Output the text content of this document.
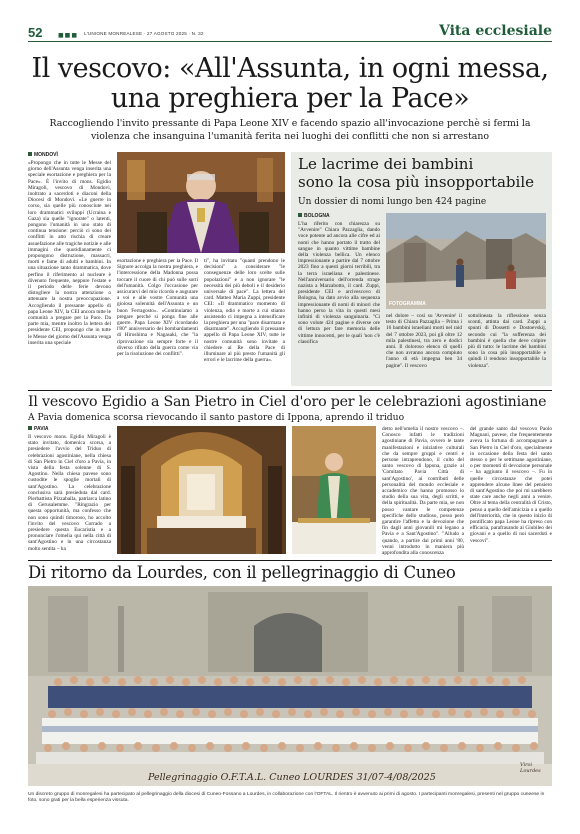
52	■■■ L'UNIONE MONREALESE · 27 AGOSTO 2025 · N. 32	Vita ecclesiale
Il vescovo: «All'Assunta, in ogni messa,
una preghiera per la Pace»
Raccogliendo l'invito pressante di Papa Leone XIV e facendo spazio all'invocazione perchè si fermi la violenza che insanguina l'umanità ferita nei luoghi dei conflitti che non si arrestano
MONDOVÌ
«Propongo che in tutte le Messe del giorno dell'Assunta venga inserita una speciale esortazione e preghiera per la Pace». È l'invito di mons. Egidio Miragoli, vescovo di Mondovì, inoltrato a sacerdoti e diaconi della Diocesi di Mondovì. «Le guerre in corso, sia quelle più conosciute nei loro drammatici sviluppi (Ucraina e Gaza) sia quelle "ignorate" o latenti, pongono l'umanità in uno stato di continua tensione: perciò ci sono dei conflitti in atto rischia di creare assuefazione alle tragiche notizie e alle immagini che quotidianamente ci propongono distruzione, massacri, morti e fame di adulti e bambini. In una situazione tanto drammatica, dove perfino il riferimento al nucleare è divenuto frequente, neppure l'estate e il periodo delle ferie devono distogliere la nostra attenzione o attenuare la nostra preoccupazione. Accogliendo il pressante appello di papa Leone XIV, la CEI ancora tutte le comunità a pregare per la Pace. Da parte mia, mentre inoltro la lettera del presidente CEI, propongo che in tutte le Messe del giorno dell'Assunta venga inserita una speciale
esortazione e preghiera per la Pace. Il Signore accolga la nostra preghiera, e l'intercessione della Madonna possa toccare il cuore di chi può sulle sorti dell'umanità. Colgo l'occasione per assicurarvi del mio ricordo e augurare a voi e alle vostre Comunità una gioiosa solennità dell'Assunta e un buon Ferragosto». «Continuiamo a pregare perché si ponga fine alle guerre. Papa Leone XIV ricordando l'80° anniversario dei bombardamenti di Hiroshima e Nagasaki, che "la riprovazione sia sempre forte e il diverso rifiuto della guerra come via per la risoluzione dei conflitti".
ti", ha invitato "quanti prendono le decisioni" a considerare "le conseguenze delle loro scelte sulle popolazioni" e a non ignorare "le necessità dei più deboli e il desiderio universale di pace". La lettera del card. Matteo Maria Zuppi, presidente CEI: «Il drammatico momento di violenza, odio e morte a cui stiamo assistendo ci impegna a intensificare la preghiera per una "pace disarmata e disarmante". Accogliendo il pressante appello di Papa Leone XIV, tutte le nostre comunità sono invitate a chiedere al Re della Pace di illuminare al più presto l'umanità gli errori e le lacrime della guerra».
Le lacrime dei bambini
sono la cosa più insopportabile
Un dossier di nomi lungo ben 424 pagine
BOLOGNA
L'ha riferito con chiarezza su "Avvenire" Chiara Pazzaglia, dando voce potente ad ancora alle cifre ed ai nomi che hanno portato il tratto del sangue in quanto vittime bambine della violenza bellica. Un elenco impressionante a partire dal 7 ottobre 2023 fino a questi giorni terribili, tra la terra israeliana e palestinese. Nell'anniversario dell'orrenda strage nazista a Marzabotto, il card. Zuppi, presidente CEI e arcivescovo di Bologna, ha dato avvio alla sequenza impressionante di nomi di minori che hanno perso la vita in questi mesi infiniti di violenza sanguinaria. "Ci sono volute 424 pagine e diverse ore di lettura per fare memoria delle vittime innocenti, per le quali 'non c'è classifica
FOTOGRAMMA
nel dolore – così su 'Avvenire' il testo di Chiara Pazzaglia – Prima i 16 bambini israeliani morti nel raid del 7 ottobre 2023, poi gli oltre 12 mila palestinesi, tra zero e dodici anni. Il doloroso elenco di quelli che non avranno ancora compiuto l'anno di età impegna ben 34 pagine". Il vescovo
sottolineata la riflessione senza sconti, attinta dai card. Zuppi a spunti di Dossetti e Dostoevskij, secondo cui "la sofferenza dei bambini è quella che deve colpire più di tutto: le lacrime dei bambini sono la cosa più insopportabile e quindi il rendono insopportabile la violenza".
Il vescovo Egidio a San Pietro in Ciel d'oro per le celebrazioni agostiniane
A Pavia domenica scorsa rievocando il santo pastore di Ippona, aprendo il triduo
PAVIA
Il vescovo mons. Egidio Miragoli è stato invitato, domenica scorsa, a presiedere l'avvio del Triduo di celebrazioni agostiniane, nella chiesa di San Pietro in Ciel d'oro a Pavia, in vista della festa solenne di S. Agostino. Nella chiesa pavese sono custodite le spoglie mortali di sant'Agostino. La celebrazione conclusiva sarà presieduta dal card. Pierbattista Pizzaballa, patriarca latino di Gerusalemme. "Ringrazio per questa opportunità, ma confesso che non sono quindi timoroso, ho accolto l'invito del vescovo Corrado a presiedere questa Eucaristia e a pronunciare l'omelia qui nella città di sant'Agostino e in una circostanza molto sentita – ha
detto nell'omelia il nostro vescovo –. Conosco infatti le tradizioni agostiniane di Pavia, ovvero le tante manifestazioni e iniziative culturali che da sempre gruppi e centri e persone intraprendono, il culto del santo vescovo di Ippona, grazie al 'Comitato Pavia Città di sant'Agostino', ai contributi delle personalità del mondo ecclesiale e accademico che hanno promosso lo studio della sua vita, degli scritti, e della spiritualità. Da parte mia, se non posso vantare le competenze specifiche dello studioso, posso però garantire l'affetto e la devozione che fin dagli anni giovanili mi legano a Pavia e a Sant'Agostino". "Alludo a quando, a partire dai primi anni '80, venni introdotto in maniera più approfondita alla conoscenza
del grande santo dal vescovo Paolo Magnani, pavese, che frequentemente aveva la fortuna di accompagnare a San Pietro in Ciel d'oro, specialmente in occasione della festa del santo stesso o per le settimane agostiniane, o per momenti di devozione personale – ha aggiunto il vescovo –. Fu in quelle circostanze che potei apprendere alcune linee del pensiero di sant'Agostino che poi mi sarebbero state care anche negli anni a venire. Oltre al tema della centralità di Cristo, penso a quello dell'amicizia o a quello dell'interiorità, che in questo inizio di pontificato papa Leone ha ripreso con efficacia, parafrasando al Giubileo dei giovani e a quello di noi sacerdoti e vescovi".
Di ritorno da Lourdes, con il pellegrinaggio di Cuneo
Pellegrinaggio O.F.T.A.L. Cuneo LOURDES 31/07-4/08/2025
Viroi Lourdes
Un discreto gruppo di monregalesi ha partecipato al pellegrinaggio della diocesi di Cuneo-Fossano a Lourdes, in collaborazione con l'OFTAL. Il rientro è avvenuto ai primi di agosto. I partecipanti monregalesi, presenti nel gruppo cuneese in foto, sono grati per la bella esperienza vissuta.
